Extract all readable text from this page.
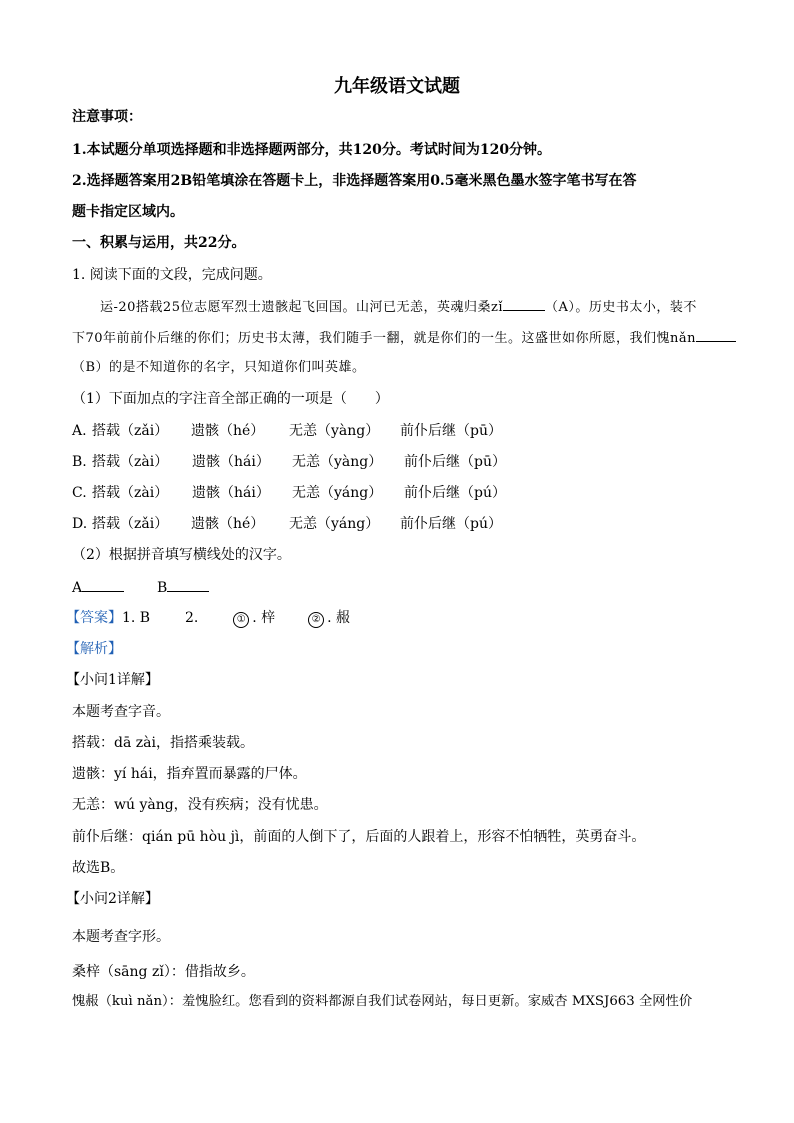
九年级语文试题
注意事项：
1.本试题分单项选择题和非选择题两部分，共120分。考试时间为120分钟。
2.选择题答案用2B铅笔填涂在答题卡上，非选择题答案用0.5毫米黑色墨水签字笔书写在答
题卡指定区域内。
一、积累与运用，共22分。
1. 阅读下面的文段，完成问题。
运-20搭载25位志愿军烈士遗骸起飞回国。山河已无恙，英魂归桑zǐ	（A）。历史书太小，装不
下70年前前仆后继的你们；历史书太薄，我们随手一翻，就是你们的一生。这盛世如你所愿，我们愧nǎn
（B）的是不知道你的名字，只知道你们叫英雄。
（1）下面加点的字注音全部正确的一项是（　　）
A. 搭载（zǎi） 遗骸（hé） 无恙（yàng） 前仆后继（pū）
B. 搭载（zài） 遗骸（hái） 无恙（yàng） 前仆后继（pū）
C. 搭载（zài） 遗骸（hái） 无恙（yáng） 前仆后继（pú）
D. 搭载（zǎi） 遗骸（hé） 无恙（yáng） 前仆后继（pú）
（2）根据拼音填写横线处的汉字。
A	B
【答案】1. B 2.	① . 梓	② . 赧
【解析】
【小问1详解】
本题考查字音。
搭载：dā zài，指搭乘装载。
遗骸：yí hái，指弃置而暴露的尸体。
无恙：wú yàng，没有疾病；没有忧患。
前仆后继：qián pū hòu jì，前面的人倒下了，后面的人跟着上，形容不怕牺牲，英勇奋斗。
故选B。
【小问2详解】
本题考查字形。
桑梓（sāng zǐ）：借指故乡。
愧赧（kuì nǎn）：羞愧脸红。您看到的资料都源自我们试卷网站，每日更新。家威杏 MXSJ663 全网性价
